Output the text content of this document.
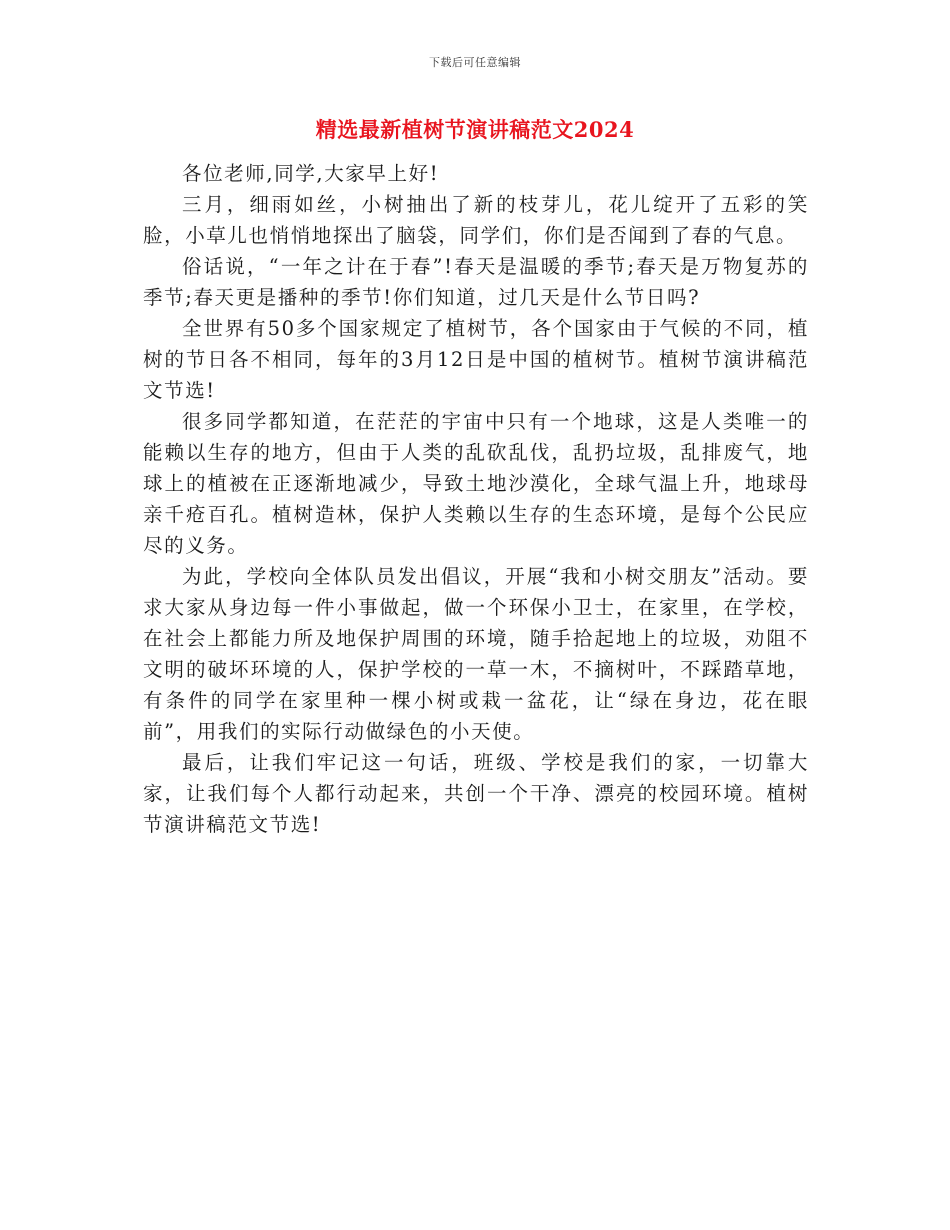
下载后可任意编辑
精选最新植树节演讲稿范文2024

各位老师,同学,大家早上好!

三月，细雨如丝，小树抽出了新的枝芽儿，花儿绽开了五彩的笑脸，小草儿也悄悄地探出了脑袋，同学们，你们是否闻到了春的气息。

俗话说，“一年之计在于春”!春天是温暖的季节;春天是万物复苏的季节;春天更是播种的季节!你们知道，过几天是什么节日吗?

全世界有50多个国家规定了植树节，各个国家由于气候的不同，植树的节日各不相同，每年的3月12日是中国的植树节。植树节演讲稿范文节选!

很多同学都知道，在茫茫的宇宙中只有一个地球，这是人类唯一的能赖以生存的地方，但由于人类的乱砍乱伐，乱扔垃圾，乱排废气，地球上的植被在正逐渐地减少，导致土地沙漠化，全球气温上升，地球母亲千疮百孔。植树造林，保护人类赖以生存的生态环境，是每个公民应尽的义务。

为此，学校向全体队员发出倡议，开展“我和小树交朋友”活动。要求大家从身边每一件小事做起，做一个环保小卫士，在家里，在学校，在社会上都能力所及地保护周围的环境，随手拾起地上的垃圾，劝阻不文明的破坏环境的人，保护学校的一草一木，不摘树叶，不踩踏草地，有条件的同学在家里种一棵小树或栽一盆花，让“绿在身边，花在眼前”，用我们的实际行动做绿色的小天使。

最后，让我们牢记这一句话，班级、学校是我们的家，一切靠大家，让我们每个人都行动起来，共创一个干净、漂亮的校园环境。植树节演讲稿范文节选!
